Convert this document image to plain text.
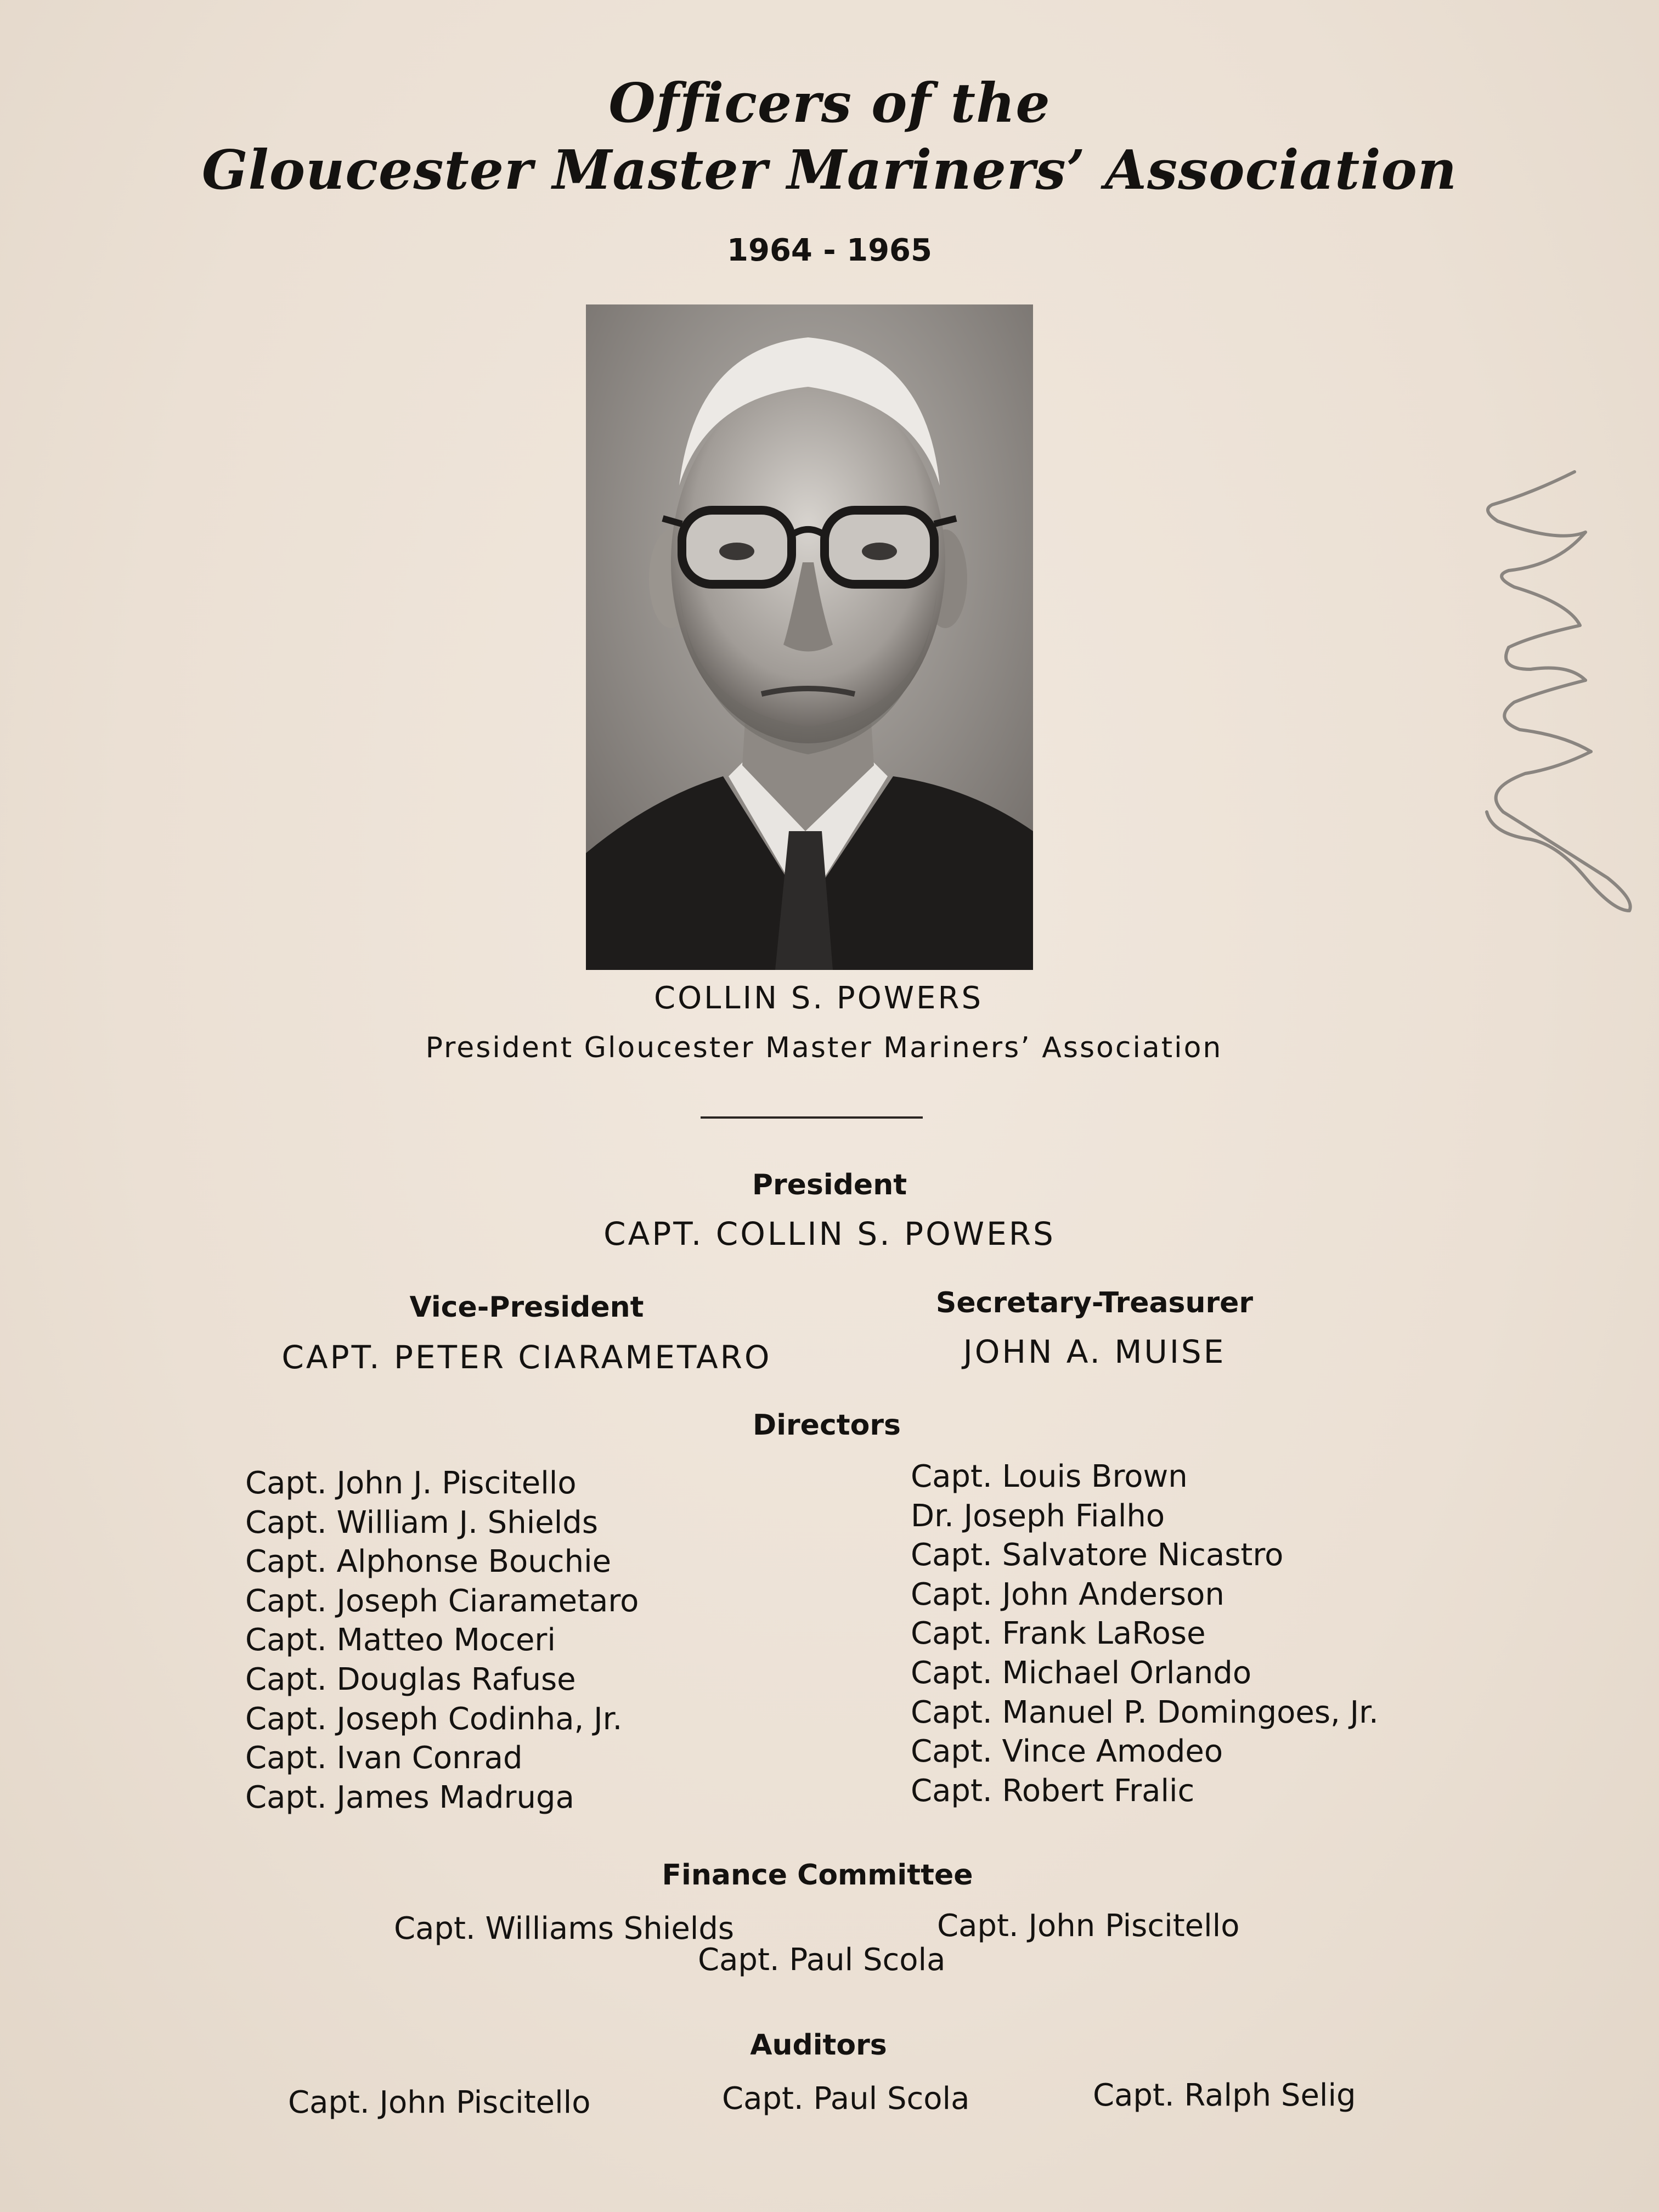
Officers of the
Gloucester Master Mariners’ Association
1964 - 1965
COLLIN S. POWERS
President Gloucester Master Mariners’ Association
President
CAPT. COLLIN S. POWERS
Vice-President
CAPT. PETER CIARAMETARO
Secretary-Treasurer
JOHN A. MUISE
Directors
Capt. John J. Piscitello
Capt. William J. Shields
Capt. Alphonse Bouchie
Capt. Joseph Ciarametaro
Capt. Matteo Moceri
Capt. Douglas Rafuse
Capt. Joseph Codinha, Jr.
Capt. Ivan Conrad
Capt. James Madruga
Capt. Louis Brown
Dr. Joseph Fialho
Capt. Salvatore Nicastro
Capt. John Anderson
Capt. Frank LaRose
Capt. Michael Orlando
Capt. Manuel P. Domingoes, Jr.
Capt. Vince Amodeo
Capt. Robert Fralic
Finance Committee
Capt. Williams Shields	Capt. John Piscitello
Capt. Paul Scola
Auditors
Capt. John Piscitello	Capt. Paul Scola	Capt. Ralph Selig
